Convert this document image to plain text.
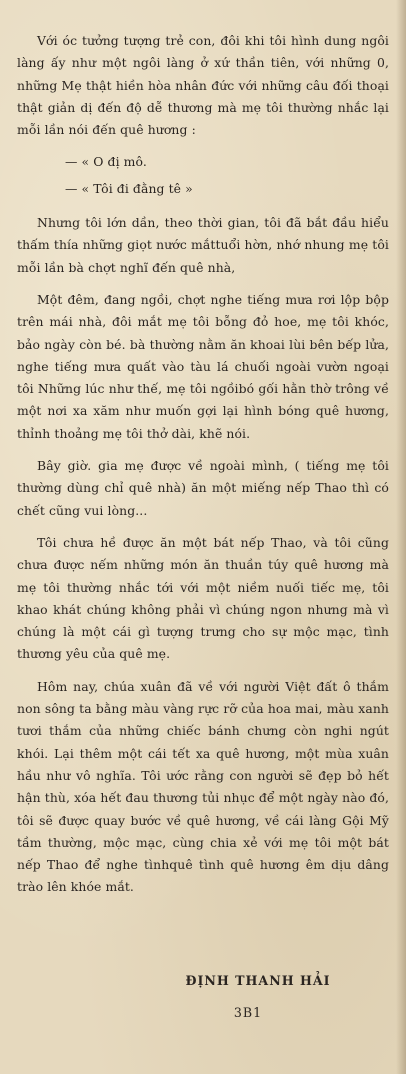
Với óc tưởng tượng trẻ con, đôi khi tôi hình dung ngôi làng ấy như một ngôi làng ở xứ thần tiên, với những 0, những Mẹ thật hiền hòa nhân đức với những câu đối thoại thật giản dị đến độ dễ thương mà mẹ tôi thường nhắc lại mỗi lần nói đến quê hương :

— « O đị mô.

— « Tôi đi đằng tê »

Nhưng tôi lớn dần, theo thời gian, tôi đã bắt đầu hiểu thấm thía những giọt nước mắttuổi hờn, nhớ nhung mẹ tôi mỗi lần bà chợt nghĩ đến quê nhà,

Một đêm, đang ngồi, chợt nghe tiếng mưa rơi lộp bộp trên mái nhà, đôi mắt mẹ tôi bỗng đỏ hoe, mẹ tôi khóc, bảo ngày còn bé. bà thường nằm ăn khoai lùi bên bếp lửa, nghe tiếng mưa quất vào tàu lá chuối ngoài vườn ngoại tôi Những lúc như thế, mẹ tôi ngồibó gối hằn thờ trông về một nơi xa xăm như muốn gợi lại hình bóng quê hương, thỉnh thoảng mẹ tôi thở dài, khẽ nói.

Bây giờ. gia mẹ được về ngoài mình, ( tiếng mẹ tôi thường dùng chỉ quê nhà) ăn một miếng nếp Thao thì có chết cũng vui lòng...

Tôi chưa hề được ăn một bát nếp Thao, và tôi cũng chưa được nếm những món ăn thuần túy quê hương mà mẹ tôi thường nhắc tới với một niềm nuối tiếc mẹ, tôi khao khát chúng không phải vì chúng ngon nhưng mà vì chúng là một cái gì tượng trưng cho sự mộc mạc, tình thương yêu của quê mẹ.

Hôm nay, chúa xuân đã về với người Việt đất ô thắm non sông ta bằng màu vàng rực rỡ của hoa mai, màu xanh tươi thắm của những chiếc bánh chưng còn nghi ngút khói. Lại thêm một cái tết xa quê hương, một mùa xuân hầu như vô nghĩa. Tôi ước rằng con người sẽ đẹp bỏ hết hận thù, xóa hết đau thương tủi nhục để một ngày nào đó, tôi sẽ được quay bước về quê hương, về cái làng Gội Mỹ tầm thường, mộc mạc, cùng chia xẻ với mẹ tôi một bát nếp Thao để nghe tìnhquê tình quê hương êm dịu dâng trào lên khóe mắt.

ĐỊNH THANH HẢI
3B1
